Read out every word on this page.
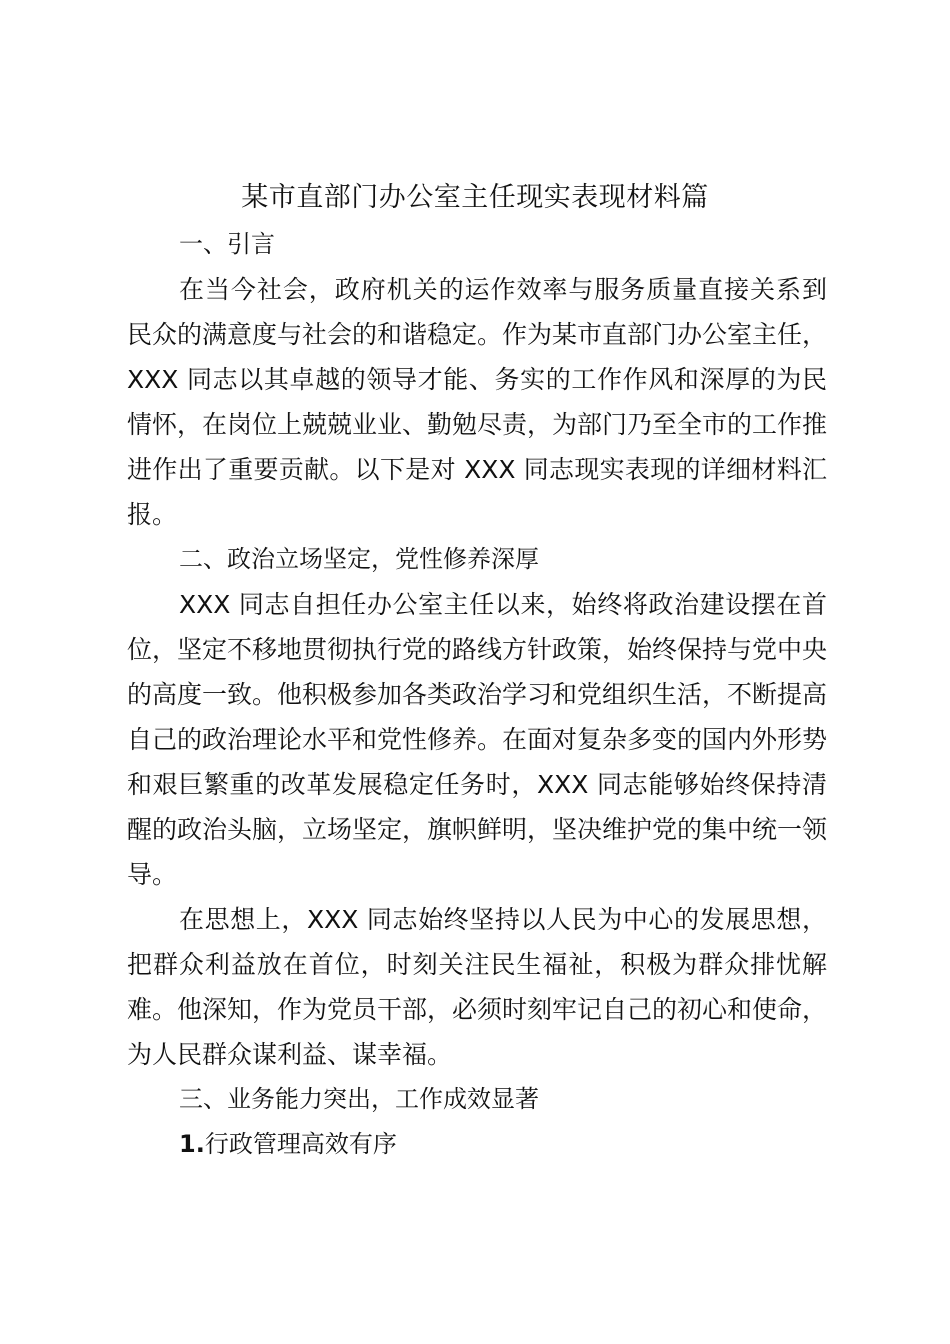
某市直部门办公室主任现实表现材料篇

一、引言

在当今社会，政府机关的运作效率与服务质量直接关系到民众的满意度与社会的和谐稳定。作为某市直部门办公室主任，XXX 同志以其卓越的领导才能、务实的工作作风和深厚的为民情怀，在岗位上兢兢业业、勤勉尽责，为部门乃至全市的工作推进作出了重要贡献。以下是对 XXX 同志现实表现的详细材料汇报。

二、政治立场坚定，党性修养深厚

XXX 同志自担任办公室主任以来，始终将政治建设摆在首位，坚定不移地贯彻执行党的路线方针政策，始终保持与党中央的高度一致。他积极参加各类政治学习和党组织生活，不断提高自己的政治理论水平和党性修养。在面对复杂多变的国内外形势和艰巨繁重的改革发展稳定任务时，XXX 同志能够始终保持清醒的政治头脑，立场坚定，旗帜鲜明，坚决维护党的集中统一领导。

在思想上，XXX 同志始终坚持以人民为中心的发展思想，把群众利益放在首位，时刻关注民生福祉，积极为群众排忧解难。他深知，作为党员干部，必须时刻牢记自己的初心和使命，为人民群众谋利益、谋幸福。

三、业务能力突出，工作成效显著

1.行政管理高效有序
